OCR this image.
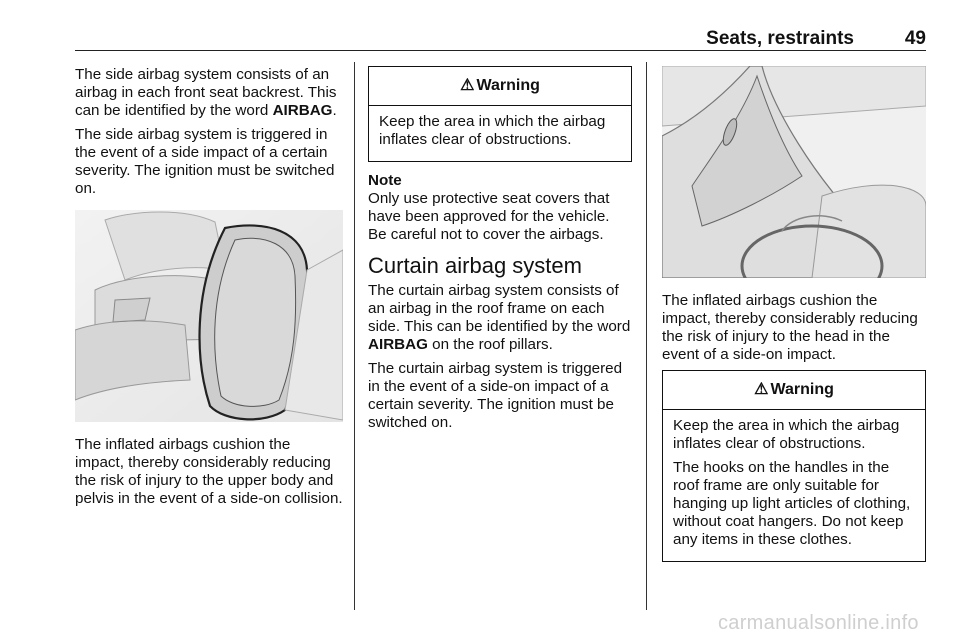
Seats, restraints	49

The side airbag system consists of an airbag in each front seat backrest. This can be identified by the word AIRBAG.

The side airbag system is triggered in the event of a side impact of a certain severity. The ignition must be switched on.

The inflated airbags cushion the impact, thereby considerably reducing the risk of injury to the upper body and pelvis in the event of a side-on collision.

⚠ Warning

Keep the area in which the airbag inflates clear of obstructions.

Note

Only use protective seat covers that have been approved for the vehicle. Be careful not to cover the airbags.

Curtain airbag system

The curtain airbag system consists of an airbag in the roof frame on each side. This can be identified by the word AIRBAG on the roof pillars.

The curtain airbag system is triggered in the event of a side-on impact of a certain severity. The ignition must be switched on.

The inflated airbags cushion the impact, thereby considerably reducing the risk of injury to the head in the event of a side-on impact.

⚠ Warning

Keep the area in which the airbag inflates clear of obstructions.

The hooks on the handles in the roof frame are only suitable for hanging up light articles of clothing, without coat hangers. Do not keep any items in these clothes.

carmanualsonline.info
